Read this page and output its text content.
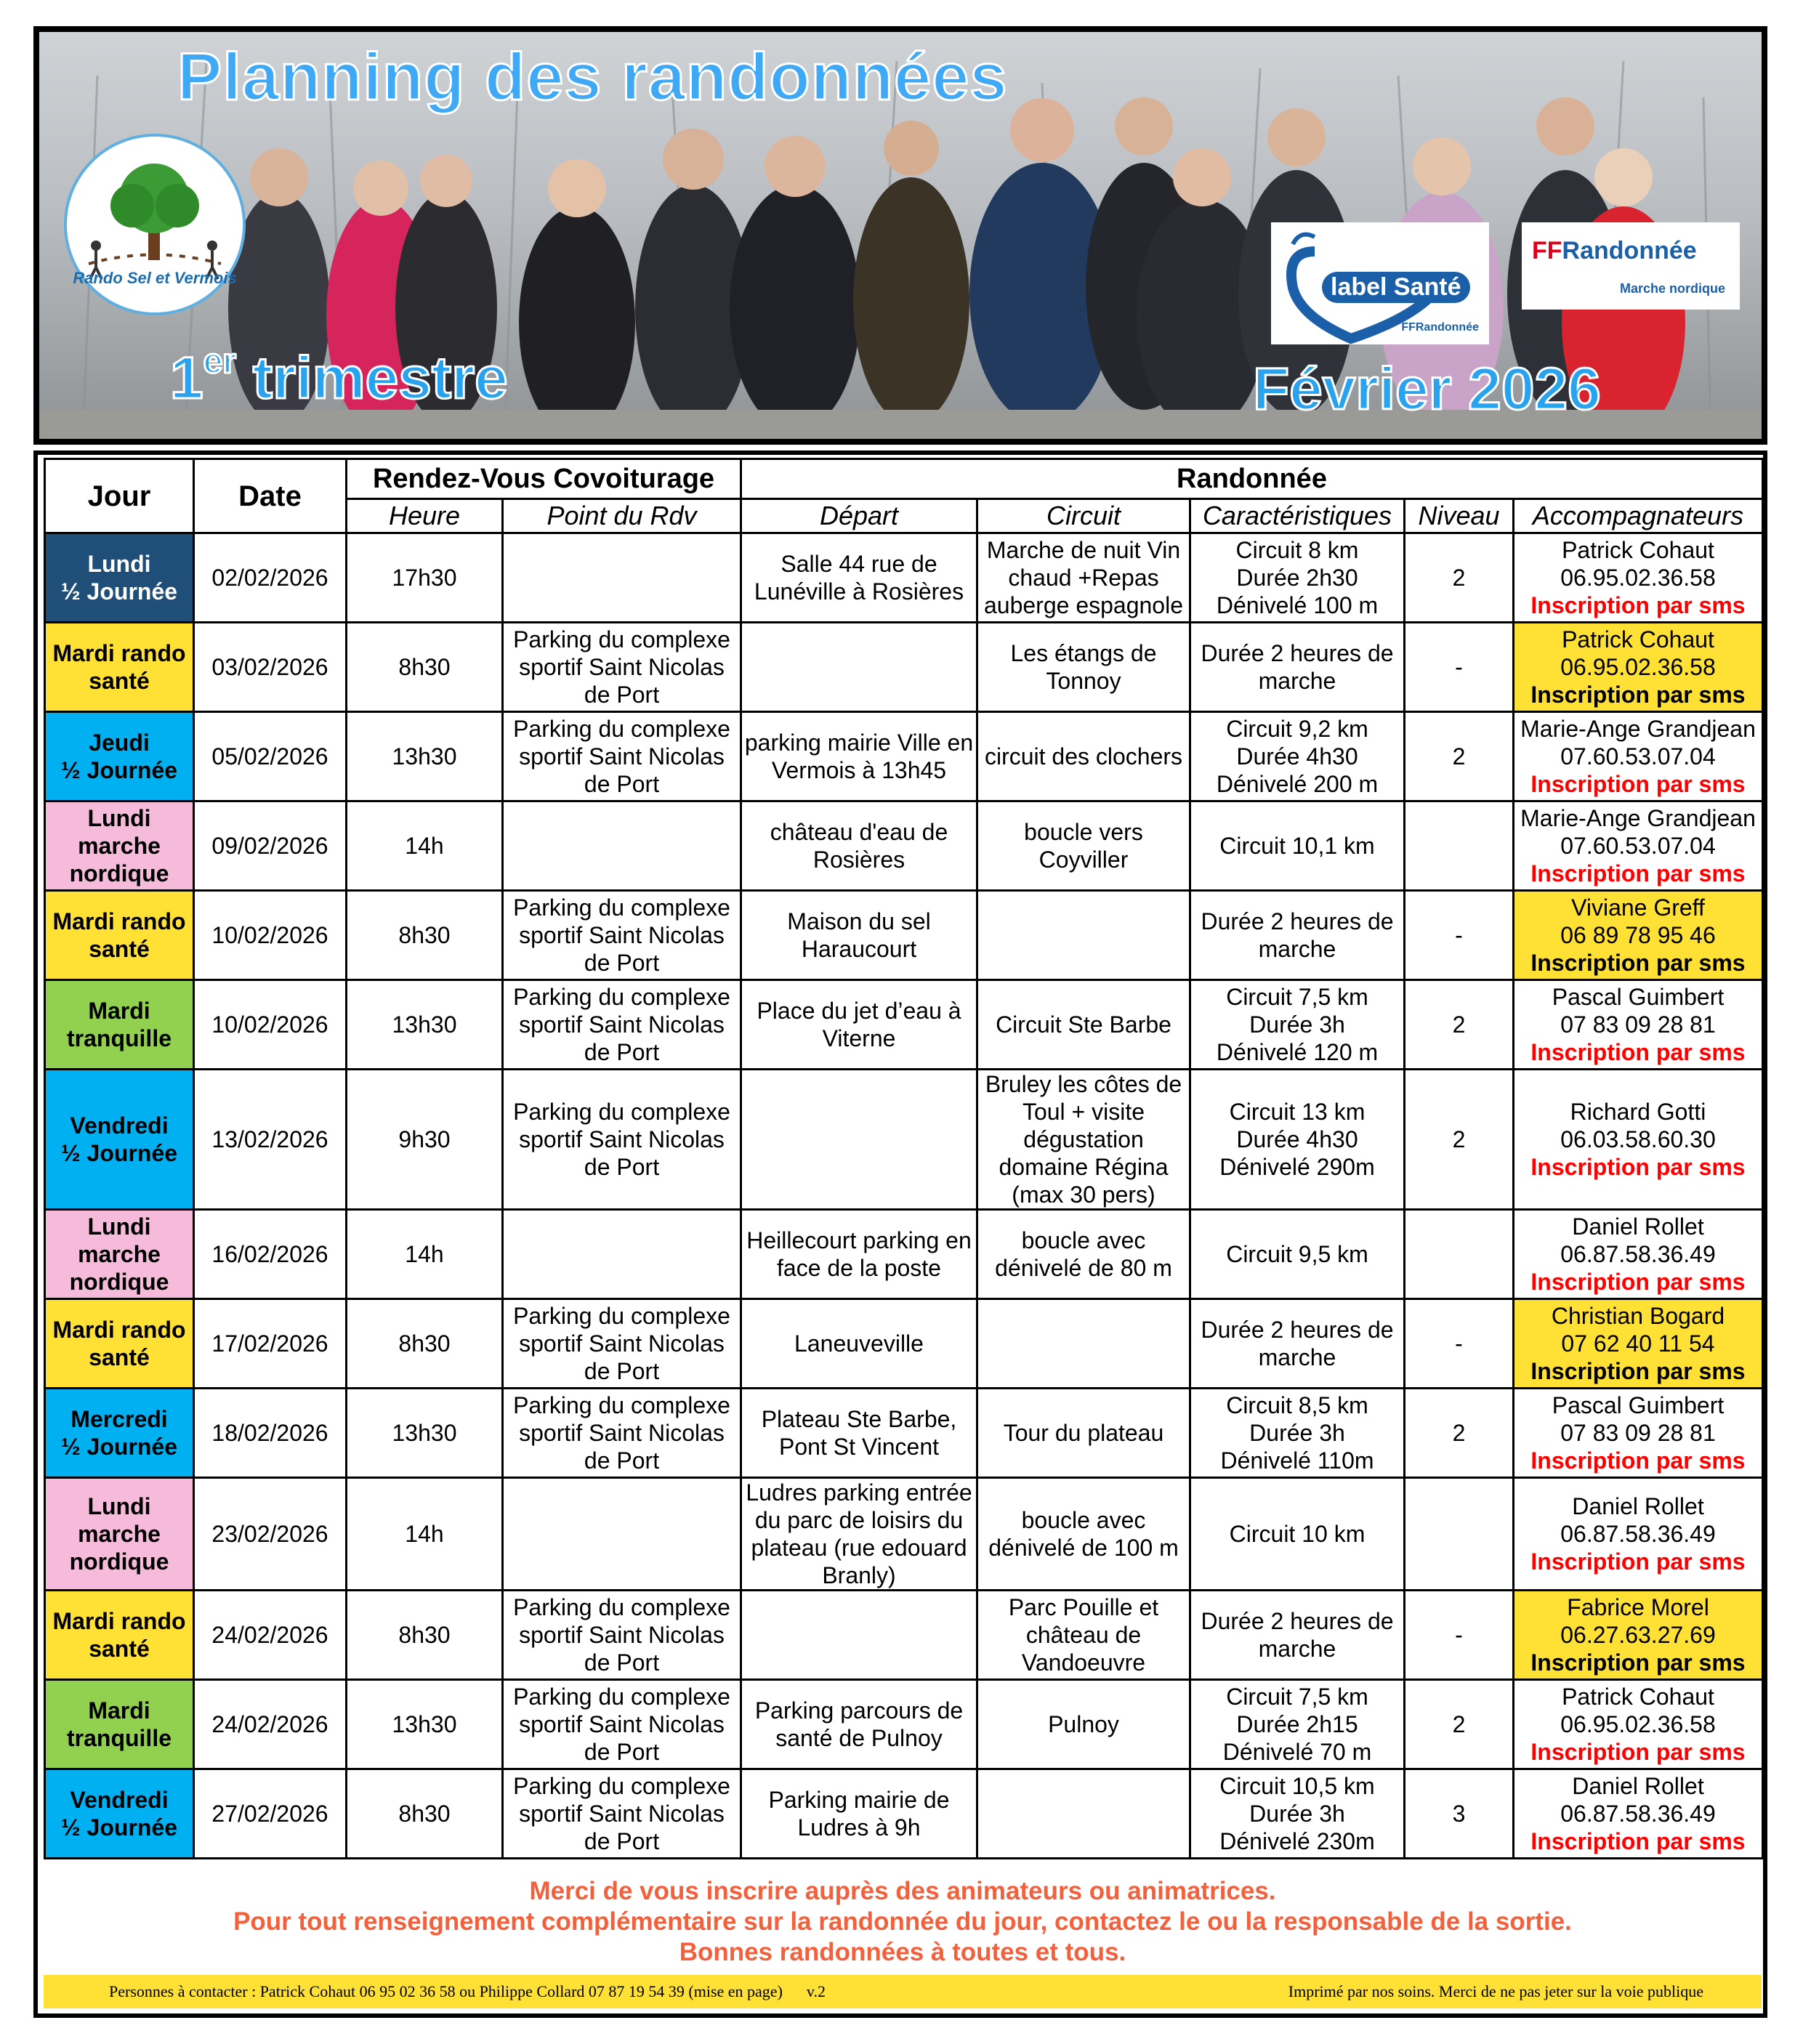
Planning des randonnées
Rando Sel et Vermois
1er trimestre
label Santé
FFRandonnée
FFRandonnée
Marche nordique
Février 2026
Jour	Date	Rendez-Vous Covoiturage		Randonnée				
		Heure	Point du Rdv	Départ	Circuit	Caractéristiques	Niveau	Accompagnateurs

Lundi
½ Journée	02/02/2026	17h30		Salle 44 rue de Lunéville à Rosières	Marche de nuit Vin chaud +Repas auberge espagnole	Circuit 8 km
Durée 2h30
Dénivelé 100 m	2	Patrick Cohaut
06.95.02.36.58
Inscription par sms

Mardi rando
santé	03/02/2026	8h30	Parking du complexe sportif Saint Nicolas de Port		Les étangs de Tonnoy	Durée 2 heures de marche	-	Patrick Cohaut
06.95.02.36.58
Inscription par sms

Jeudi
½ Journée	05/02/2026	13h30	Parking du complexe sportif Saint Nicolas de Port	parking mairie Ville en Vermois à 13h45	circuit des clochers	Circuit 9,2 km
Durée 4h30
Dénivelé 200 m	2	Marie-Ange Grandjean
07.60.53.07.04
Inscription par sms

Lundi
marche
nordique	09/02/2026	14h		château d'eau de Rosières	boucle vers Coyviller	Circuit 10,1 km		Marie-Ange Grandjean
07.60.53.07.04
Inscription par sms

Mardi rando
santé	10/02/2026	8h30	Parking du complexe sportif Saint Nicolas de Port	Maison du sel Haraucourt		Durée 2 heures de marche	-	Viviane Greff
06 89 78 95 46
Inscription par sms

Mardi
tranquille	10/02/2026	13h30	Parking du complexe sportif Saint Nicolas de Port	Place du jet d’eau à Viterne	Circuit Ste Barbe	Circuit 7,5 km
Durée 3h
Dénivelé 120 m	2	Pascal Guimbert
07 83 09 28 81
Inscription par sms

Vendredi
½ Journée	13/02/2026	9h30	Parking du complexe sportif Saint Nicolas de Port		Bruley les côtes de Toul + visite dégustation domaine Régina (max 30 pers)	Circuit 13 km
Durée 4h30
Dénivelé 290m	2	Richard Gotti
06.03.58.60.30
Inscription par sms

Lundi
marche
nordique	16/02/2026	14h		Heillecourt parking en face de la poste	boucle avec dénivelé de 80 m	Circuit 9,5 km		Daniel Rollet
06.87.58.36.49
Inscription par sms

Mardi rando
santé	17/02/2026	8h30	Parking du complexe sportif Saint Nicolas de Port	Laneuveville		Durée 2 heures de marche	-	Christian Bogard
07 62 40 11 54
Inscription par sms

Mercredi
½ Journée	18/02/2026	13h30	Parking du complexe sportif Saint Nicolas de Port	Plateau Ste Barbe, Pont St Vincent	Tour du plateau	Circuit 8,5 km
Durée 3h
Dénivelé 110m	2	Pascal Guimbert
07 83 09 28 81
Inscription par sms

Lundi
marche
nordique	23/02/2026	14h		Ludres parking entrée du parc de loisirs du plateau (rue edouard Branly)	boucle avec dénivelé de 100 m	Circuit 10 km		Daniel Rollet
06.87.58.36.49
Inscription par sms

Mardi rando
santé	24/02/2026	8h30	Parking du complexe sportif Saint Nicolas de Port		Parc Pouille et château de Vandoeuvre	Durée 2 heures de marche	-	Fabrice Morel
06.27.63.27.69
Inscription par sms

Mardi
tranquille	24/02/2026	13h30	Parking du complexe sportif Saint Nicolas de Port	Parking parcours de santé de Pulnoy	Pulnoy	Circuit 7,5 km
Durée 2h15
Dénivelé 70 m	2	Patrick Cohaut
06.95.02.36.58
Inscription par sms

Vendredi
½ Journée	27/02/2026	8h30	Parking du complexe sportif Saint Nicolas de Port	Parking mairie de Ludres à 9h		Circuit 10,5 km
Durée 3h
Dénivelé 230m	3	Daniel Rollet
06.87.58.36.49
Inscription par sms
Merci de vous inscrire auprès des animateurs ou animatrices.
Pour tout renseignement complémentaire sur la randonnée du jour, contactez le ou la responsable de la sortie.
Bonnes randonnées à toutes et tous.
Personnes à contacter : Patrick Cohaut 06 95 02 36 58 ou Philippe Collard 07 87 19 54 39 (mise en page)      v.2	Imprimé par nos soins. Merci de ne pas jeter sur la voie publique
